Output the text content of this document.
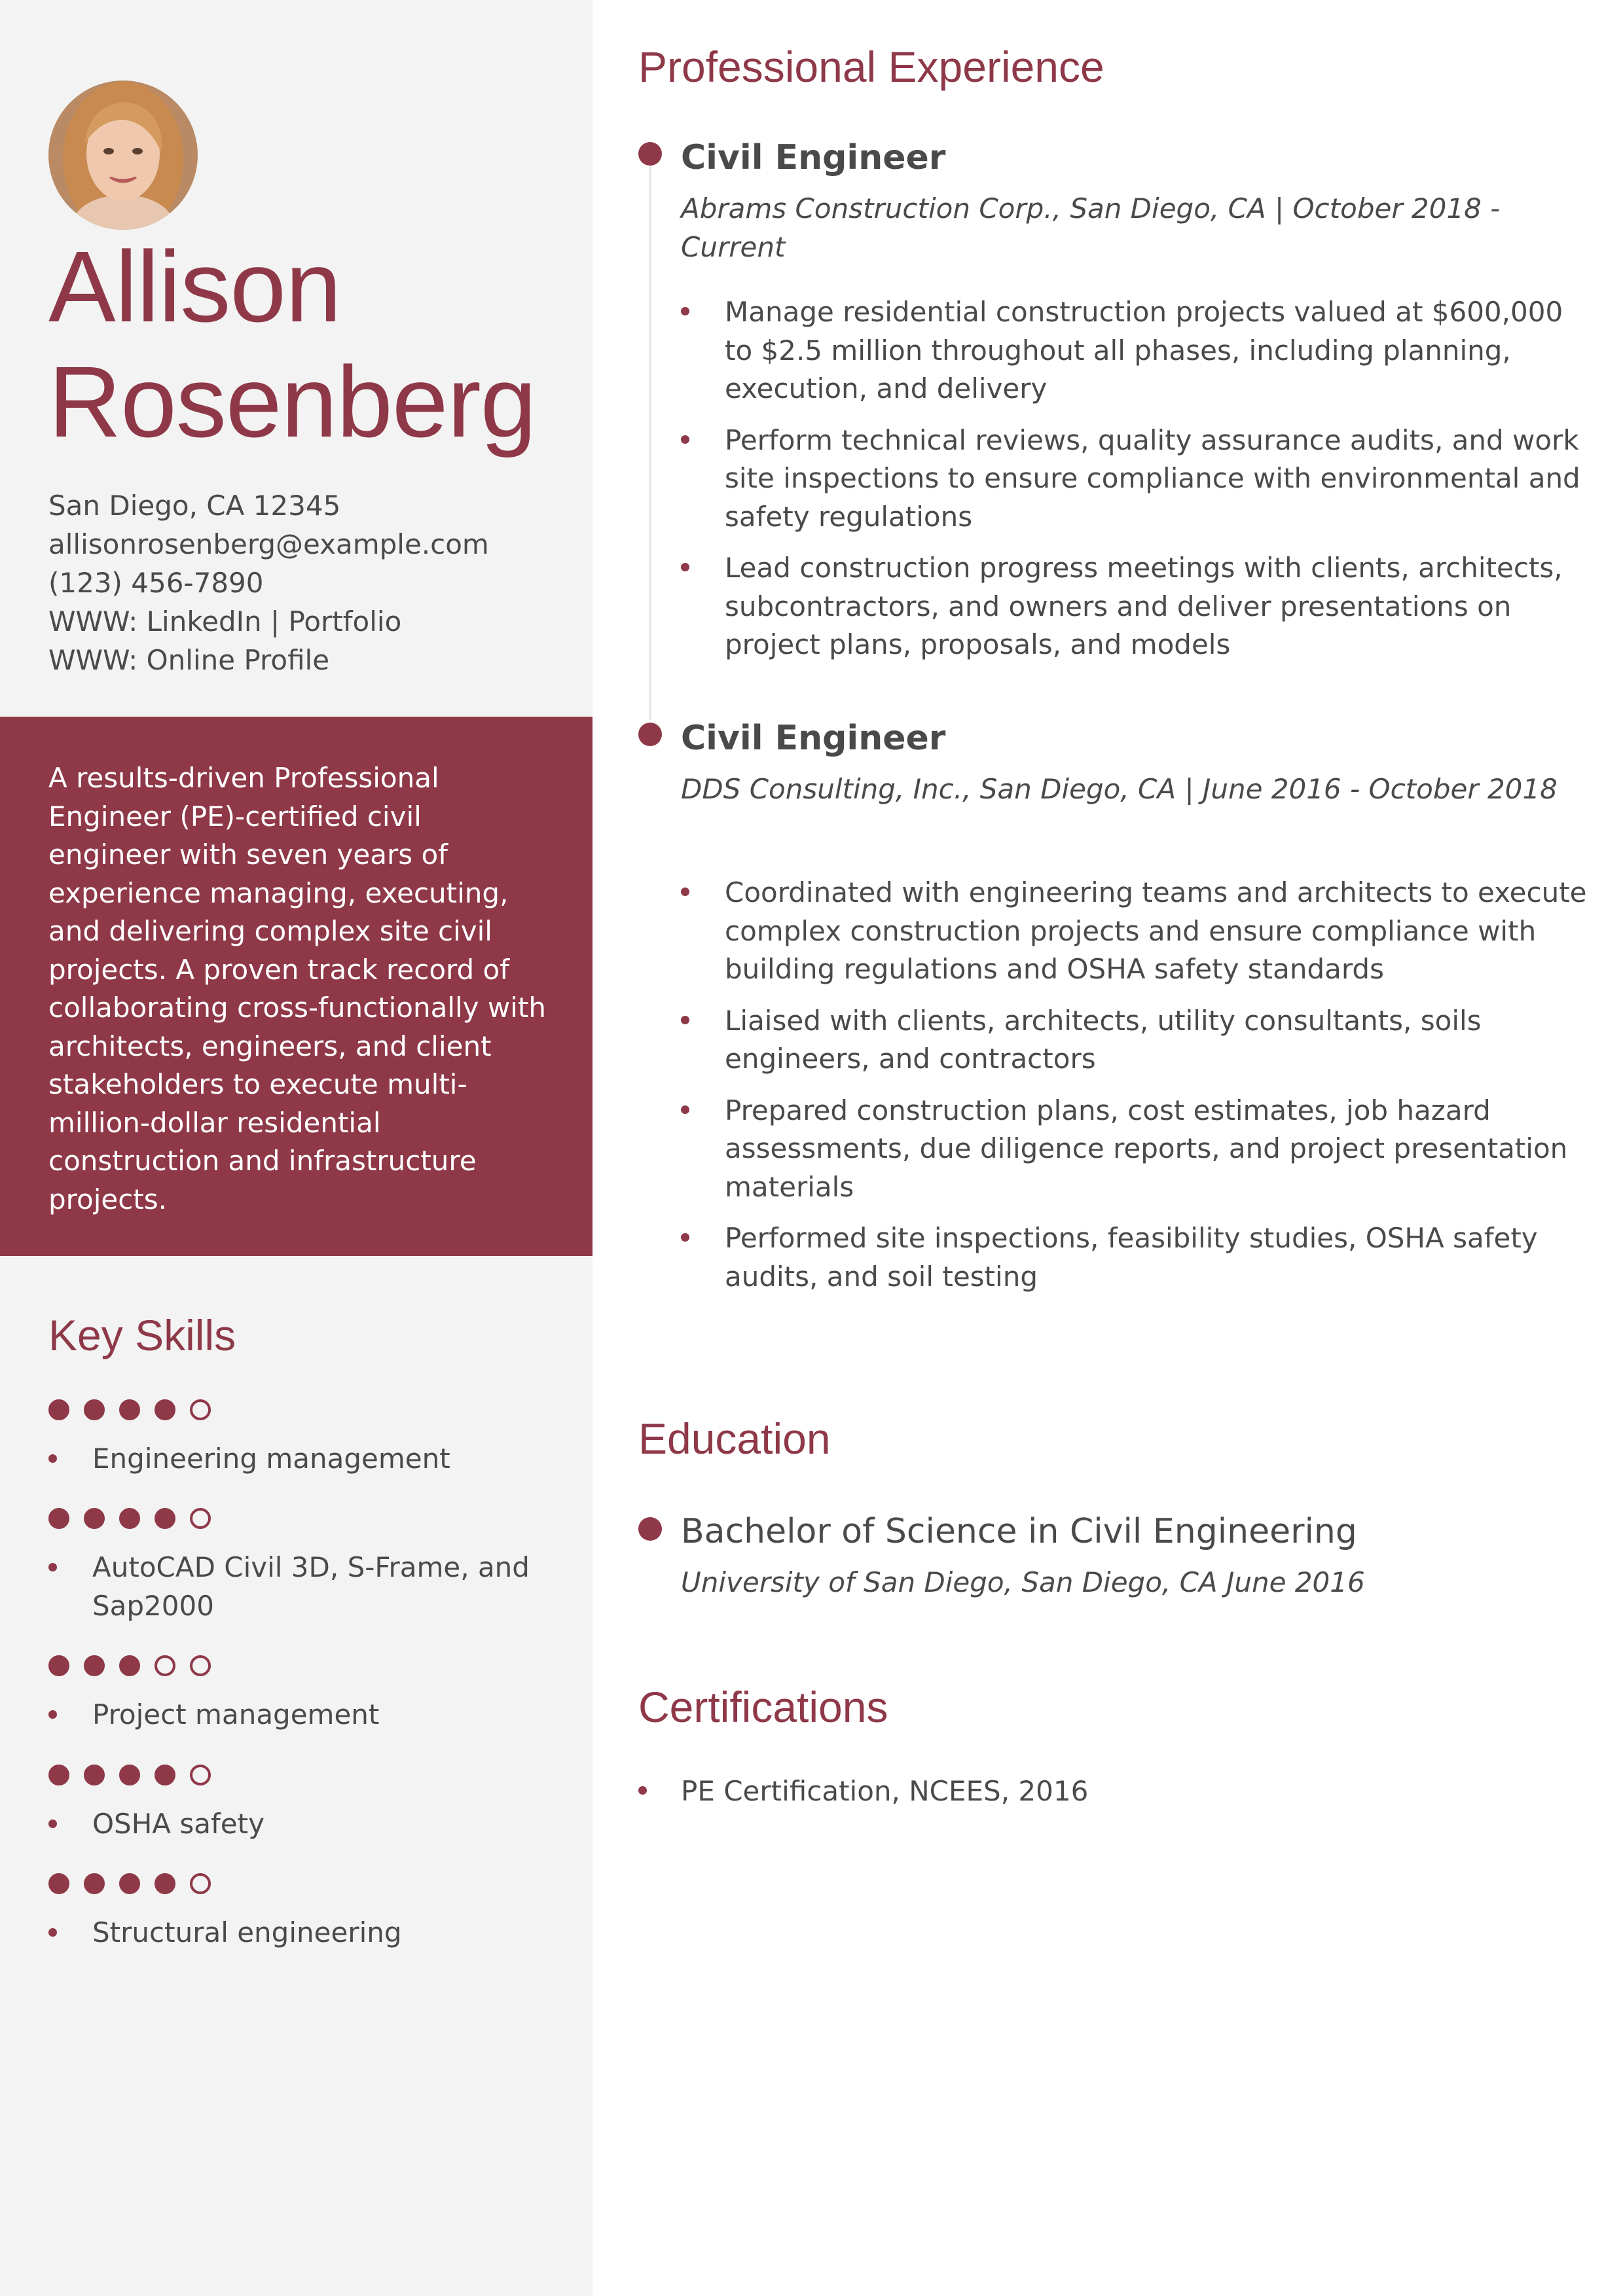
Allison
Rosenberg
San Diego, CA 12345
allisonrosenberg@example.com
(123) 456-7890
WWW: LinkedIn | Portfolio
WWW: Online Profile
A results-driven Professional Engineer (PE)-certified civil engineer with seven years of experience managing, executing, and delivering complex site civil projects. A proven track record of collaborating cross-functionally with architects, engineers, and client stakeholders to execute multi-million-dollar residential construction and infrastructure projects.
Key Skills
Engineering management
AutoCAD Civil 3D, S-Frame, and Sap2000
Project management
OSHA safety
Structural engineering
Professional Experience
Civil Engineer
Abrams Construction Corp., San Diego, CA | October 2018 - Current
Manage residential construction projects valued at $600,000 to $2.5 million throughout all phases, including planning, execution, and delivery
Perform technical reviews, quality assurance audits, and work site inspections to ensure compliance with environmental and safety regulations
Lead construction progress meetings with clients, architects, subcontractors, and owners and deliver presentations on project plans, proposals, and models
Civil Engineer
DDS Consulting, Inc., San Diego, CA | June 2016 - October 2018
Coordinated with engineering teams and architects to execute complex construction projects and ensure compliance with building regulations and OSHA safety standards
Liaised with clients, architects, utility consultants, soils engineers, and contractors
Prepared construction plans, cost estimates, job hazard assessments, due diligence reports, and project presentation materials
Performed site inspections, feasibility studies, OSHA safety audits, and soil testing
Education
Bachelor of Science in Civil Engineering
University of San Diego, San Diego, CA June 2016
Certifications
PE Certification, NCEES, 2016
